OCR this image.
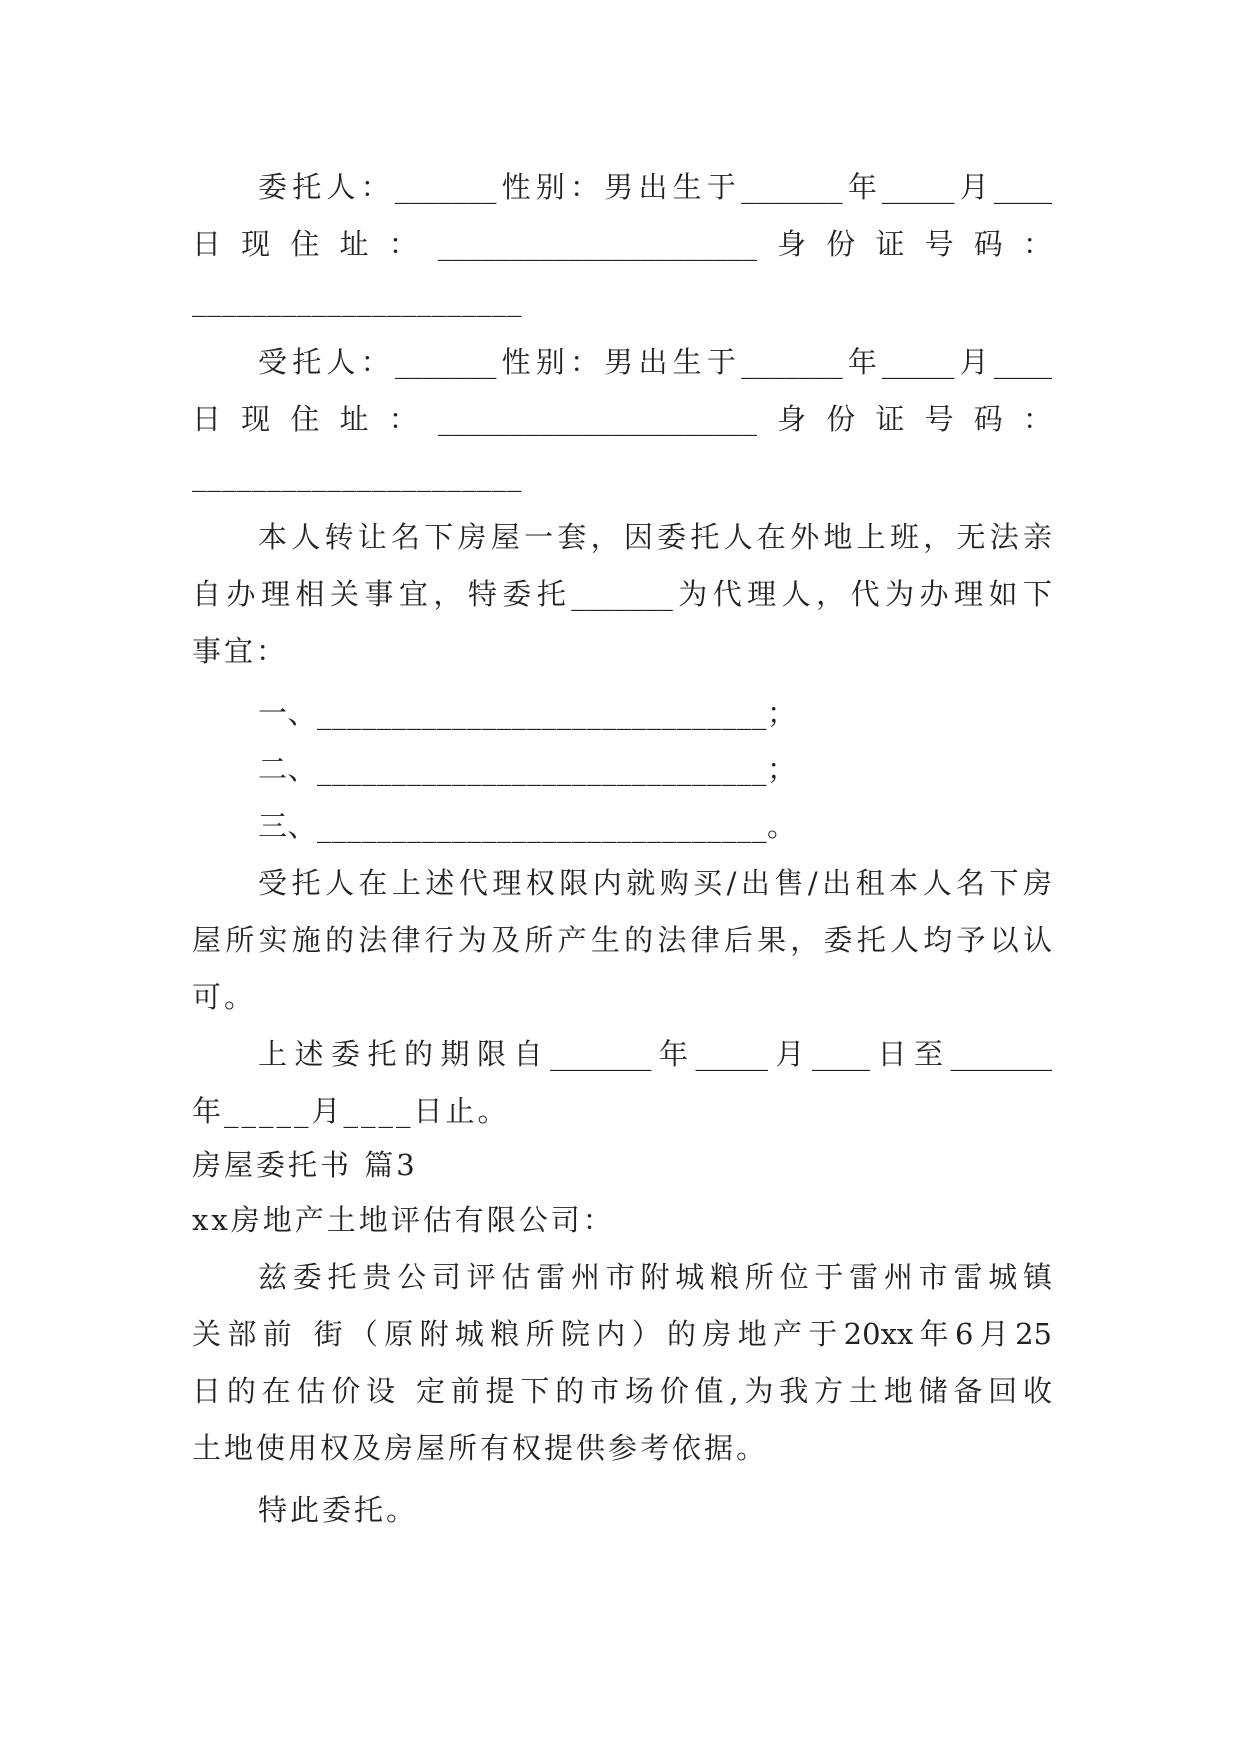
委托人：_______性别：男出生于_______年_____月____
日现住址：______________________身份证号码：
______________________
受托人：_______性别：男出生于_______年_____月____
日现住址：______________________身份证号码：
______________________
本人转让名下房屋一套，因委托人在外地上班，无法亲
自办理相关事宜，特委托_______为代理人，代为办理如下
事宜：
一、______________________________；
二、______________________________；
三、______________________________。
受托人在上述代理权限内就购买/出售/出租本人名下房
屋所实施的法律行为及所产生的法律后果，委托人均予以认
可。
上述委托的期限自_______年_____月____日至_______
年_____月____日止。
房屋委托书 篇3
xx房地产土地评估有限公司：
兹委托贵公司评估雷州市附城粮所位于雷州市雷城镇
关部前 街（原附城粮所院内）的房地产于20xx年6月25
日的在估价设 定前提下的市场价值,为我方土地储备回收
土地使用权及房屋所有权提供参考依据。
特此委托。
